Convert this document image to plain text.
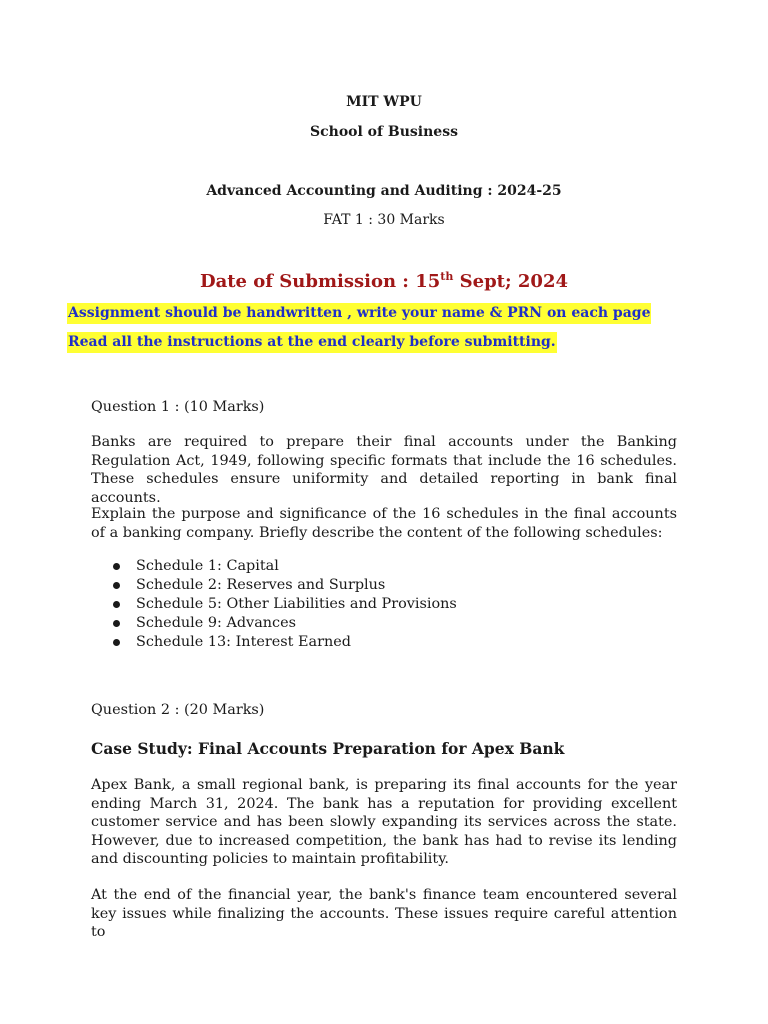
MIT WPU
School of Business
Advanced Accounting and Auditing : 2024-25
FAT 1 : 30 Marks
Date of Submission : 15th Sept; 2024
Assignment should be handwritten , write your name & PRN on each page
Read all the instructions at the end clearly before submitting.
Question 1 : (10 Marks)

Banks are required to prepare their final accounts under the Banking Regulation Act, 1949, following specific formats that include the 16 schedules. These schedules ensure uniformity and detailed reporting in bank final accounts.

Explain the purpose and significance of the 16 schedules in the final accounts of a banking company. Briefly describe the content of the following schedules:

Schedule 1: Capital
Schedule 2: Reserves and Surplus
Schedule 5: Other Liabilities and Provisions
Schedule 9: Advances
Schedule 13: Interest Earned
Question 2 : (20 Marks)
Case Study: Final Accounts Preparation for Apex Bank

Apex Bank, a small regional bank, is preparing its final accounts for the year ending March 31, 2024. The bank has a reputation for providing excellent customer service and has been slowly expanding its services across the state. However, due to increased competition, the bank has had to revise its lending and discounting policies to maintain profitability.

At the end of the financial year, the bank's finance team encountered several key issues while finalizing the accounts. These issues require careful attention to
